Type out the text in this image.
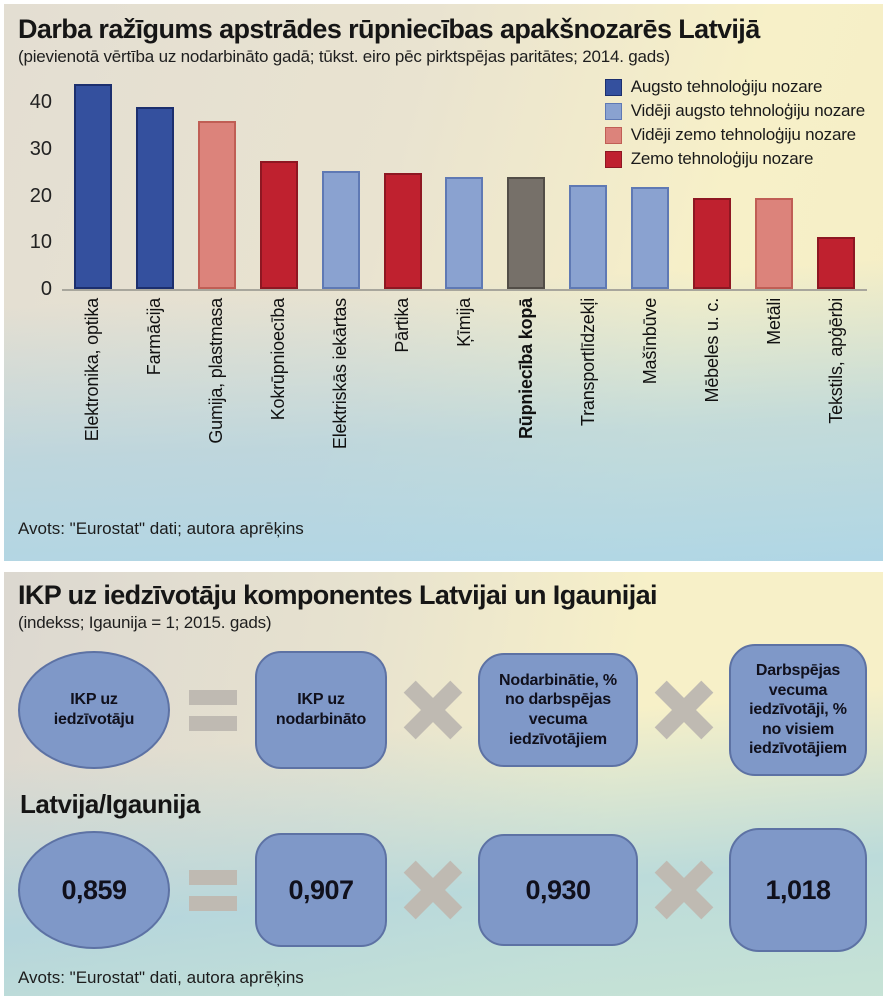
Darba ražīgums apstrādes rūpniecības apakšnozarēs Latvijā
(pievienotā vērtība uz nodarbināto gadā; tūkst. eiro pēc pirktspējas paritātes; 2014. gads)
0
10
20
30
40
Augsto tehnoloģiju nozare
Vidēji augsto tehnoloģiju nozare
Vidēji zemo tehnoloģiju nozare
Zemo tehnoloģiju nozare
Elektronika, optika Farmācija Gumija, plastmasa Kokrūpnioecība Elektriskās iekārtas Pārtika Ķīmija Rūpniecība kopā Transportlīdzekļi Mašīnbūve Mēbeles u. c. Metāli Tekstils, apģērbi
Avots: "Eurostat" dati; autora aprēķins
IKP uz iedzīvotāju komponentes Latvijai un Igaunijai
(indekss; Igaunija = 1; 2015. gads)
IKP uz iedzīvotāju
IKP uz nodarbināto
Nodarbinātie, % no darbspējas vecuma iedzīvotājiem
Darbspējas vecuma iedzīvotāji, % no visiem iedzīvotājiem
Latvija/Igaunija
0,859	0,907	0,930	1,018
Avots: "Eurostat" dati, autora aprēķins
